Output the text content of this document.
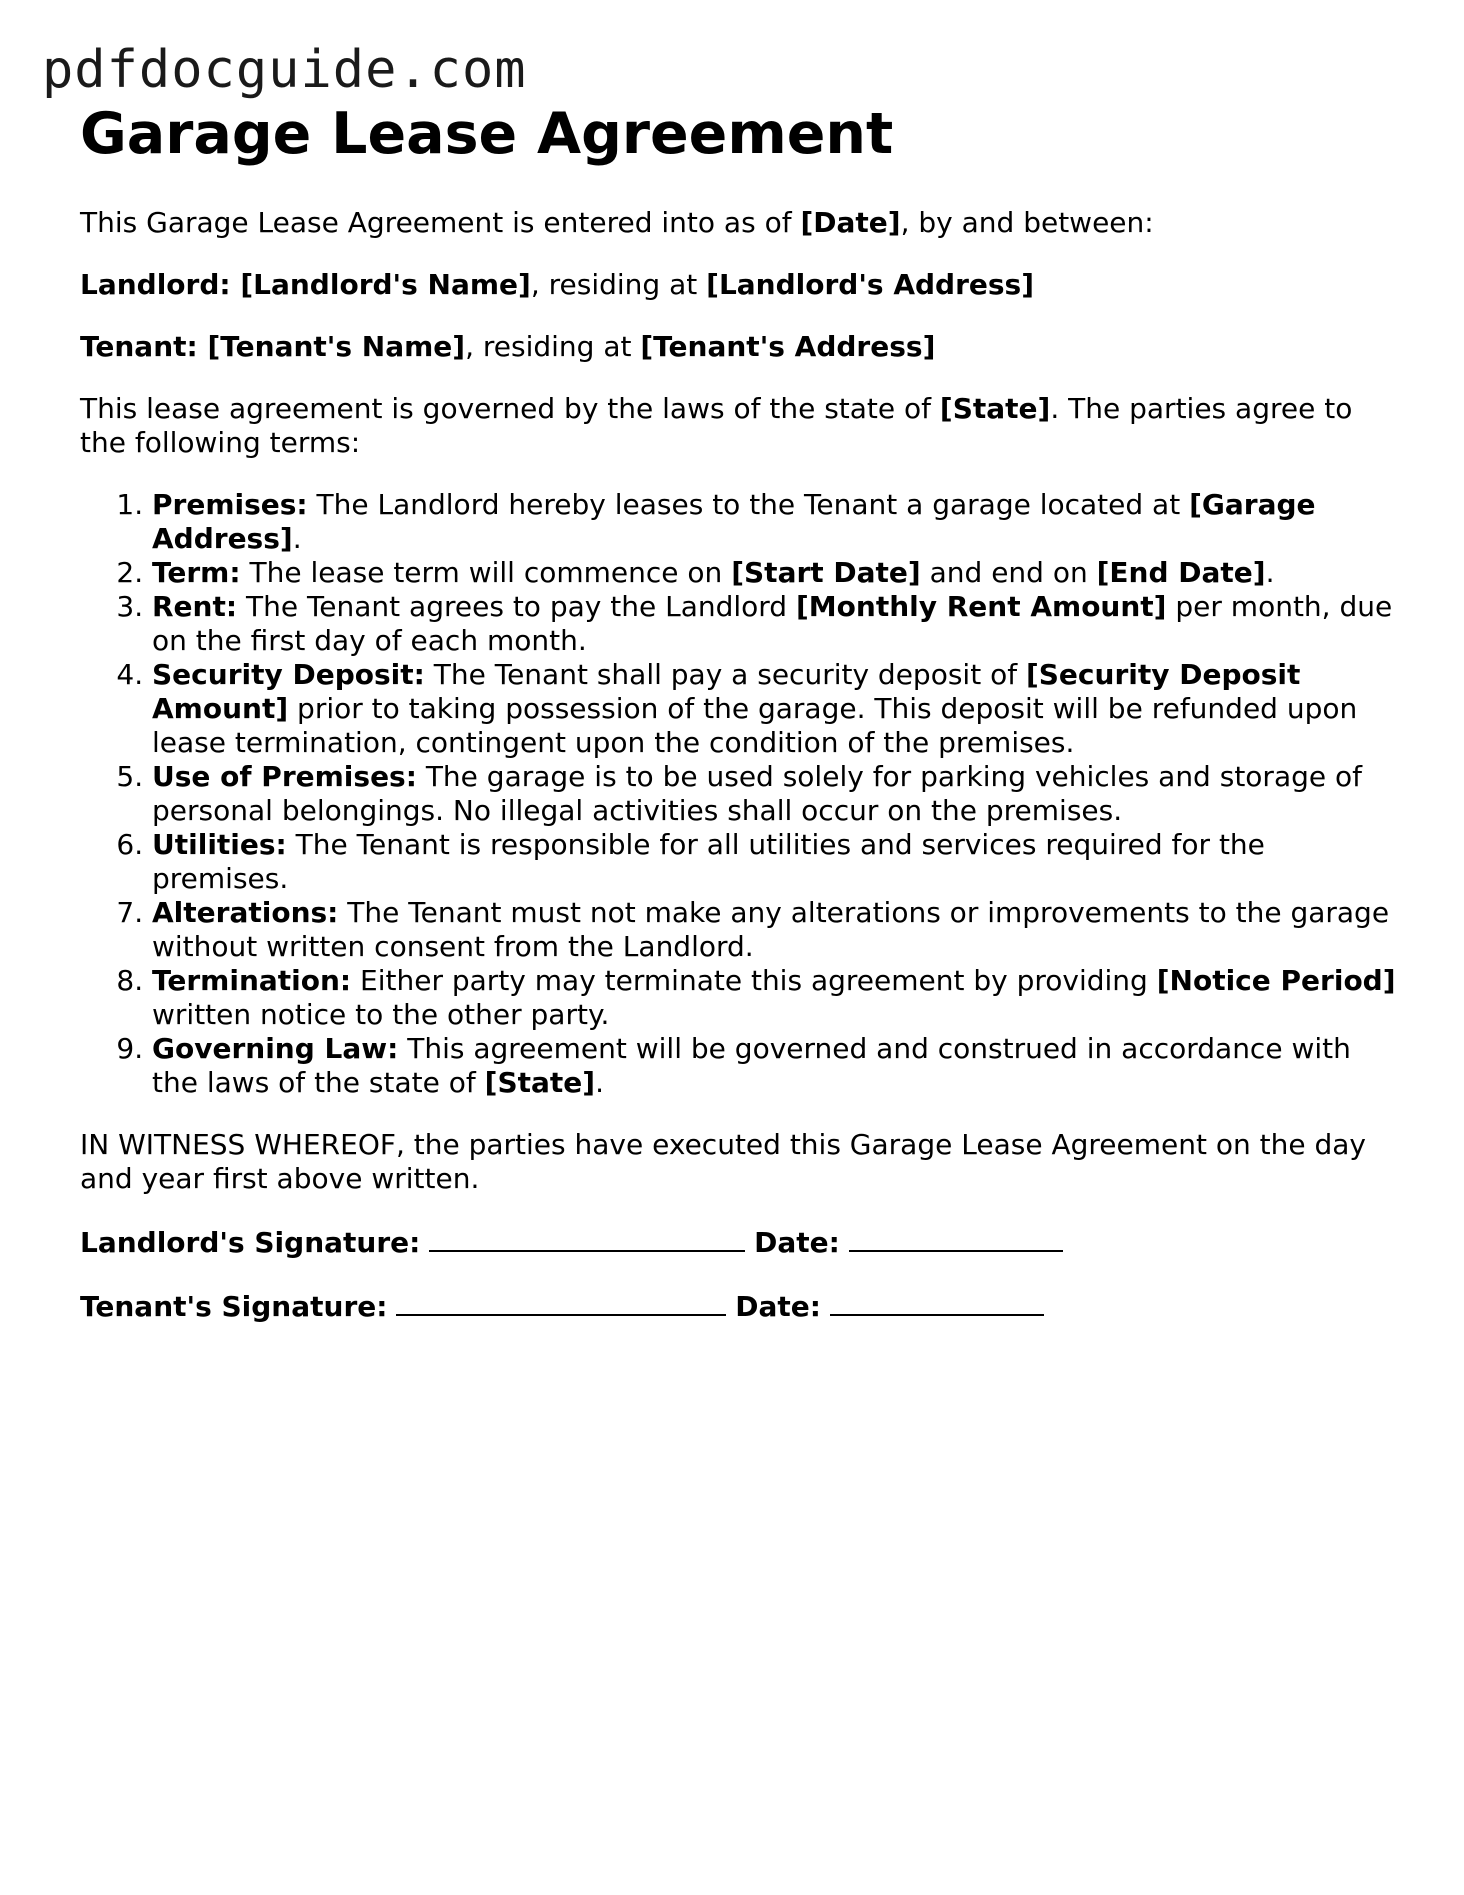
pdfdocguide.com
Garage Lease Agreement

This Garage Lease Agreement is entered into as of [Date], by and between:

Landlord: [Landlord's Name], residing at [Landlord's Address]

Tenant: [Tenant's Name], residing at [Tenant's Address]

This lease agreement is governed by the laws of the state of [State]. The parties agree to the following terms:

1. Premises: The Landlord hereby leases to the Tenant a garage located at [Garage Address].
2. Term: The lease term will commence on [Start Date] and end on [End Date].
3. Rent: The Tenant agrees to pay the Landlord [Monthly Rent Amount] per month, due on the first day of each month.
4. Security Deposit: The Tenant shall pay a security deposit of [Security Deposit Amount] prior to taking possession of the garage. This deposit will be refunded upon lease termination, contingent upon the condition of the premises.
5. Use of Premises: The garage is to be used solely for parking vehicles and storage of personal belongings. No illegal activities shall occur on the premises.
6. Utilities: The Tenant is responsible for all utilities and services required for the premises.
7. Alterations: The Tenant must not make any alterations or improvements to the garage without written consent from the Landlord.
8. Termination: Either party may terminate this agreement by providing [Notice Period] written notice to the other party.
9. Governing Law: This agreement will be governed and construed in accordance with the laws of the state of [State].

IN WITNESS WHEREOF, the parties have executed this Garage Lease Agreement on the day and year first above written.

Landlord's Signature:	Date:

Tenant's Signature:	Date:
